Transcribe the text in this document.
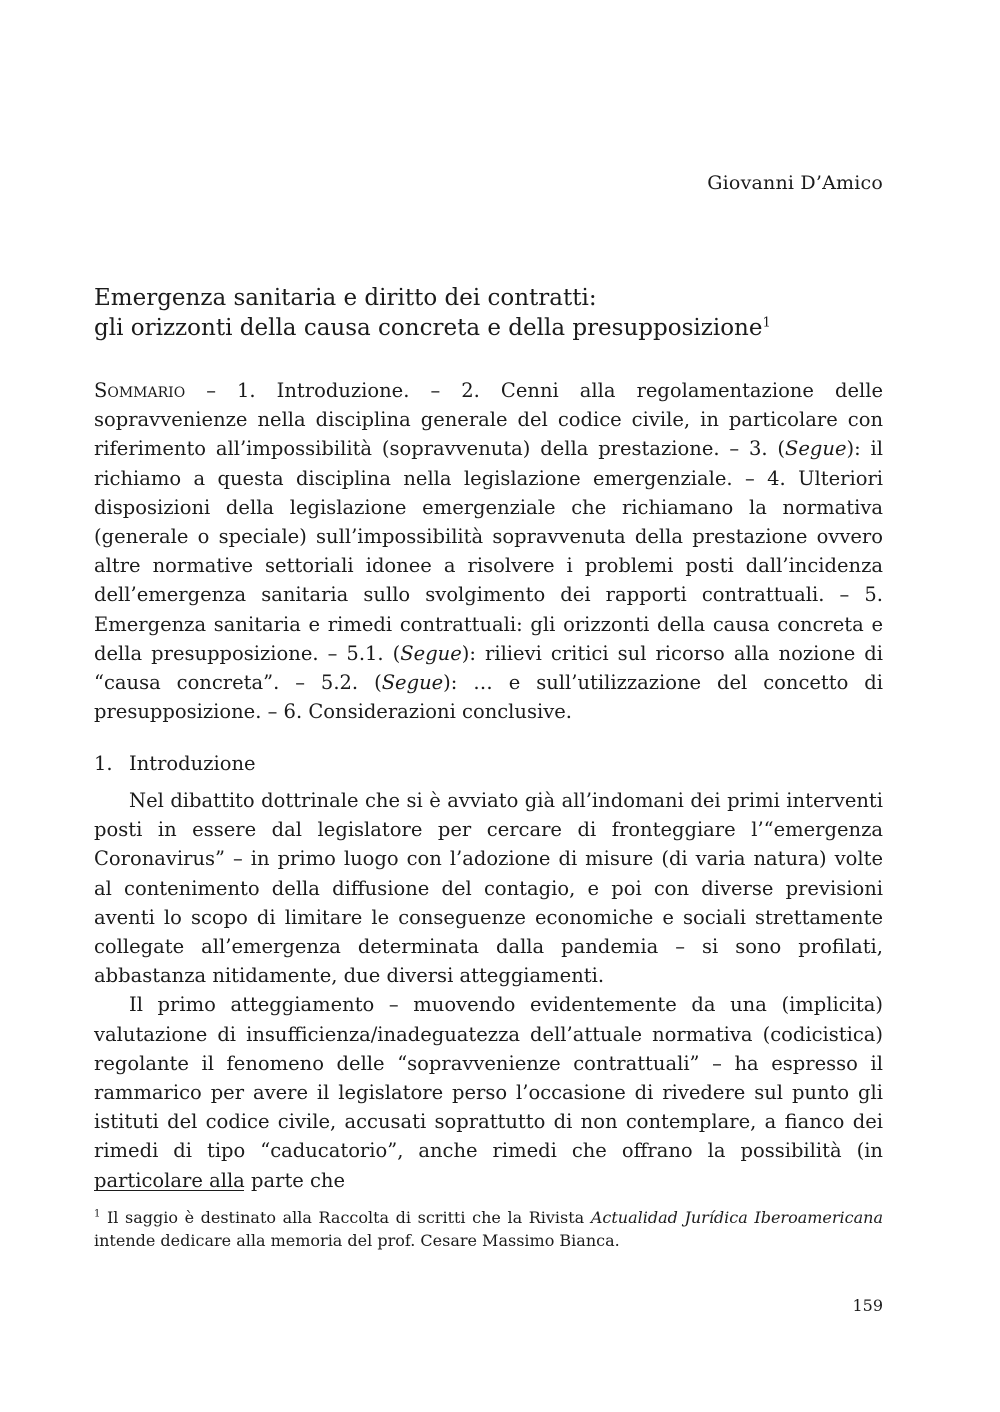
Giovanni D’Amico
Emergenza sanitaria e diritto dei contratti:
gli orizzonti della causa concreta e della presupposizione$^1$
Sommario – 1. Introduzione. – 2. Cenni alla regolamentazione delle sopravvenienze nella disciplina generale del codice civile, in particolare con riferimento all’impossibilità (sopravvenuta) della prestazione. – 3. (Segue): il richiamo a questa disciplina nella legislazione emergenziale. – 4. Ulteriori disposizioni della legislazione emergenziale che richiamano la normativa (generale o speciale) sull’impossibilità sopravvenuta della prestazione ovvero altre normative settoriali idonee a risolvere i problemi posti dall’incidenza dell’emergenza sanitaria sullo svolgimento dei rapporti contrattuali. – 5. Emergenza sanitaria e rimedi contrattuali: gli orizzonti della causa concreta e della presupposizione. – 5.1. (Segue): rilievi critici sul ricorso alla nozione di “causa concreta”. – 5.2. (Segue): … e sull’utilizzazione del concetto di presupposizione. – 6. Considerazioni conclusive.
1. Introduzione

Nel dibattito dottrinale che si è avviato già all’indomani dei primi interventi posti in essere dal legislatore per cercare di fronteggiare l’“emergenza Coronavirus” – in primo luogo con l’adozione di misure (di varia natura) volte al contenimento della diffusione del contagio, e poi con diverse previsioni aventi lo scopo di limitare le conseguenze economiche e sociali strettamente collegate all’emergenza determinata dalla pandemia – si sono profilati, abbastanza nitidamente, due diversi atteggiamenti.

Il primo atteggiamento – muovendo evidentemente da una (implicita) valutazione di insufficienza/inadeguatezza dell’attuale normativa (codicistica) regolante il fenomeno delle “sopravvenienze contrattuali” – ha espresso il rammarico per avere il legislatore perso l’occasione di rivedere sul punto gli istituti del codice civile, accusati soprattutto di non contemplare, a fianco dei rimedi di tipo “caducatorio”, anche rimedi che offrano la possibilità (in particolare alla parte che

$^1$ Il saggio è destinato alla Raccolta di scritti che la Rivista Actualidad Jurídica Iberoamericana intende dedicare alla memoria del prof. Cesare Massimo Bianca.
159
